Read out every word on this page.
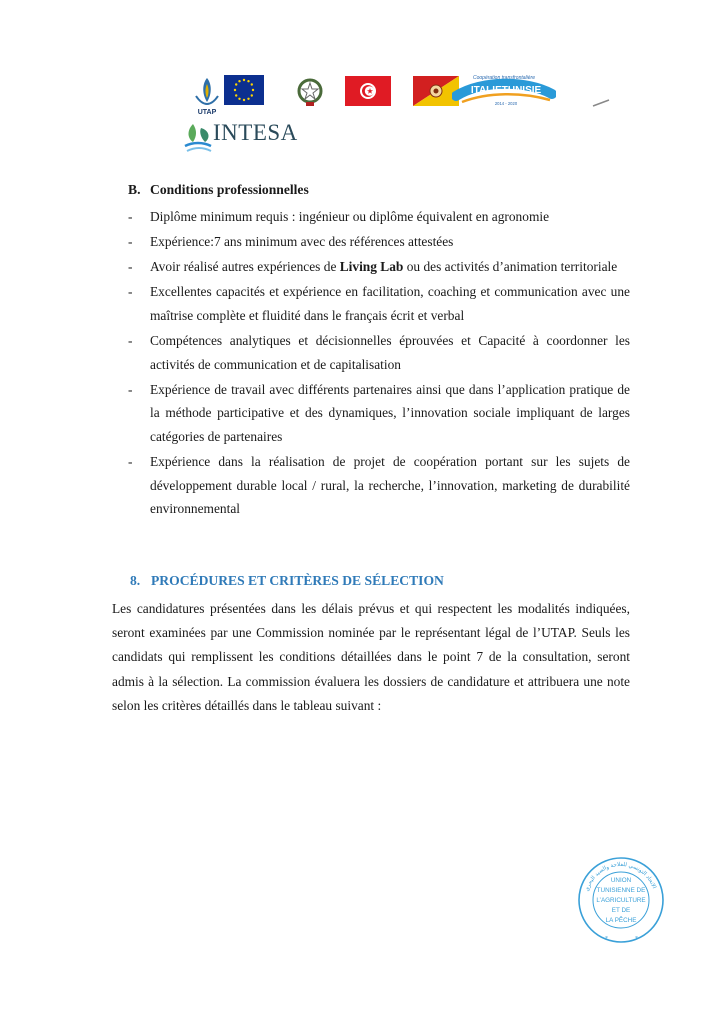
UTAP
Coopération transfrontalière
ITALIETUNISIE
2014 - 2020
INTESA
B. Conditions professionnelles
- Diplôme minimum requis : ingénieur ou diplôme équivalent en agronomie
- Expérience:7 ans minimum avec des références attestées
- Avoir réalisé autres expériences de Living Lab ou des activités d’animation territoriale
- Excellentes capacités et expérience en facilitation, coaching et communication avec une maîtrise complète et fluidité dans le français écrit et verbal
- Compétences analytiques et décisionnelles éprouvées et Capacité à coordonner les activités de communication et de capitalisation
- Expérience de travail avec différents partenaires ainsi que dans l’application pratique de la méthode participative et des dynamiques, l’innovation sociale impliquant de larges catégories de partenaires
- Expérience dans la réalisation de projet de coopération portant sur les sujets de développement durable local / rural, la recherche, l’innovation, marketing de durabilité environnemental
8. PROCÉDURES ET CRITÈRES DE SÉLECTION
Les candidatures présentées dans les délais prévus et qui respectent les modalités indiquées, seront examinées par une Commission nominée par le représentant légal de l’UTAP. Seuls les candidats qui remplissent les conditions détaillées dans le point 7 de la consultation, seront admis à la sélection. La commission évaluera les dossiers de candidature et attribuera une note selon les critères détaillés dans le tableau suivant :
الاتحاد التونسي للفلاحة والصيد البحري
UNION
TUNISIENNE DE
L’AGRICULTURE
ET DE
LA PÊCHE
*	*
